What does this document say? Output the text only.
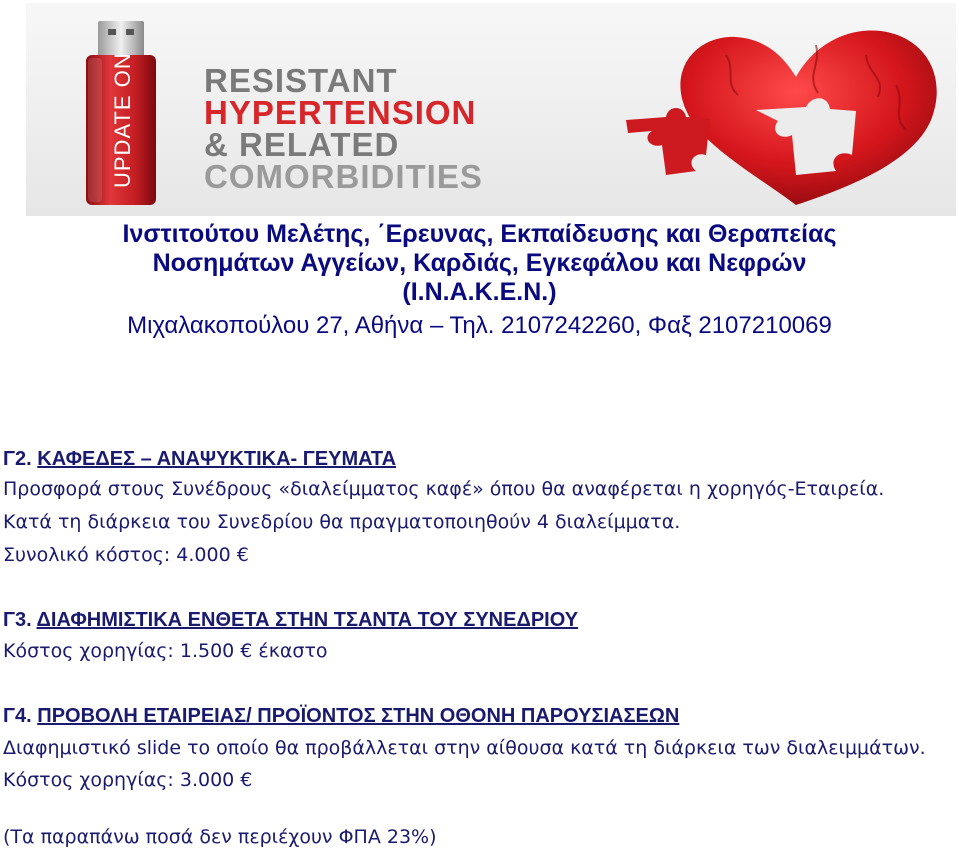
UPDATE ON RESISTANT
HYPERTENSION
& RELATED
COMORBIDITIES
Ινστιτούτου Μελέτης, ΄Ερευνας, Εκπαίδευσης και Θεραπείας
Νοσημάτων Αγγείων, Καρδιάς, Εγκεφάλου και Νεφρών
(Ι.Ν.Α.Κ.Ε.Ν.)
Μιχαλακοπούλου 27, Αθήνα – Τηλ. 2107242260, Φαξ 2107210069
Γ2. ΚΑΦΕΔΕΣ – ΑΝΑΨΥΚΤΙΚΑ- ΓΕΥΜΑΤΑ
Προσφορά στους Συνέδρους «διαλείμματος καφέ» όπου θα αναφέρεται η χορηγός-Εταιρεία.
Κατά τη διάρκεια του Συνεδρίου θα πραγματοποιηθούν 4 διαλείμματα.
Συνολικό κόστος: 4.000 €
Γ3. ΔΙΑΦΗΜΙΣΤΙΚΑ ΕΝΘΕΤΑ ΣΤΗΝ ΤΣΑΝΤΑ ΤΟΥ ΣΥΝΕΔΡΙΟΥ
Κόστος χορηγίας: 1.500 € έκαστο
Γ4. ΠΡΟΒΟΛΗ ΕΤΑΙΡΕΙΑΣ/ ΠΡΟΪΟΝΤΟΣ ΣΤΗΝ ΟΘΟΝΗ ΠΑΡΟΥΣΙΑΣΕΩΝ
Διαφημιστικό slide το οποίο θα προβάλλεται στην αίθουσα κατά τη διάρκεια των διαλειμμάτων.
Κόστος χορηγίας: 3.000 €
(Τα παραπάνω ποσά δεν περιέχουν ΦΠΑ 23%)
